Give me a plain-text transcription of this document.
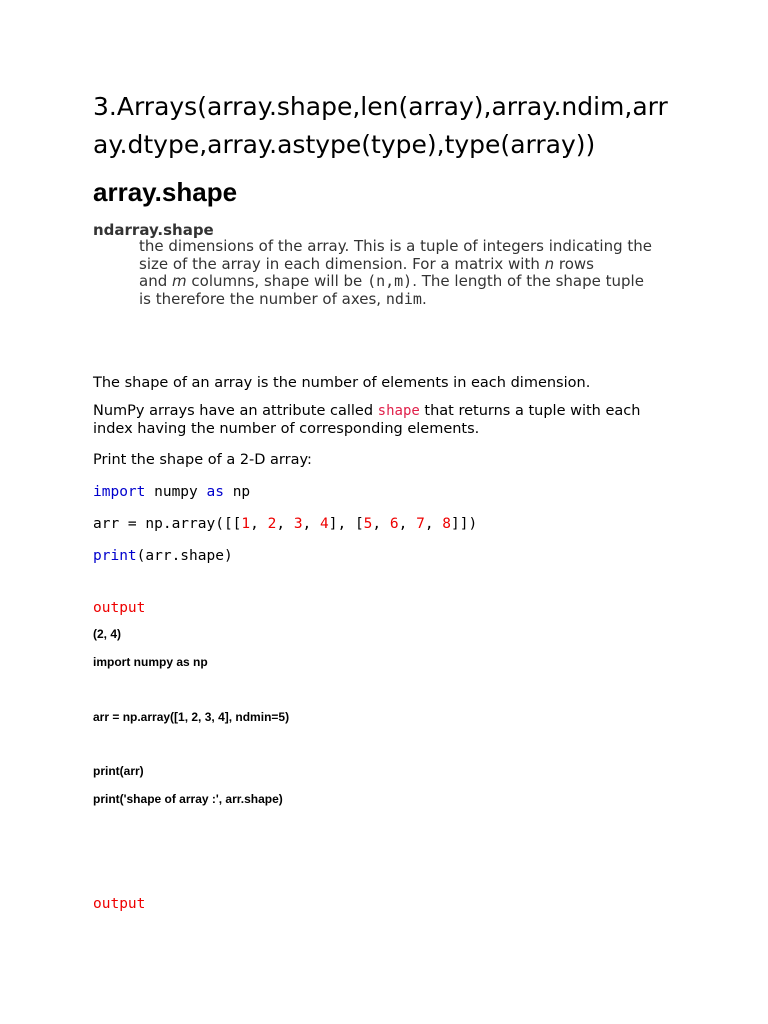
3.Arrays(array.shape,len(array),array.ndim,arr
ay.dtype,array.astype(type),type(array))
array.shape
ndarray.shape
the dimensions of the array. This is a tuple of integers indicating the
size of the array in each dimension. For a matrix with n rows
and m columns, shape will be (n,m). The length of the shape tuple
is therefore the number of axes, ndim.
The shape of an array is the number of elements in each dimension.
NumPy arrays have an attribute called shape that returns a tuple with each
index having the number of corresponding elements.
Print the shape of a 2-D array:
import numpy as np
arr = np.array([[1, 2, 3, 4], [5, 6, 7, 8]])
print(arr.shape)
output
(2, 4)
import numpy as np
arr = np.array([1, 2, 3, 4], ndmin=5)
print(arr)
print('shape of array :', arr.shape)
output
